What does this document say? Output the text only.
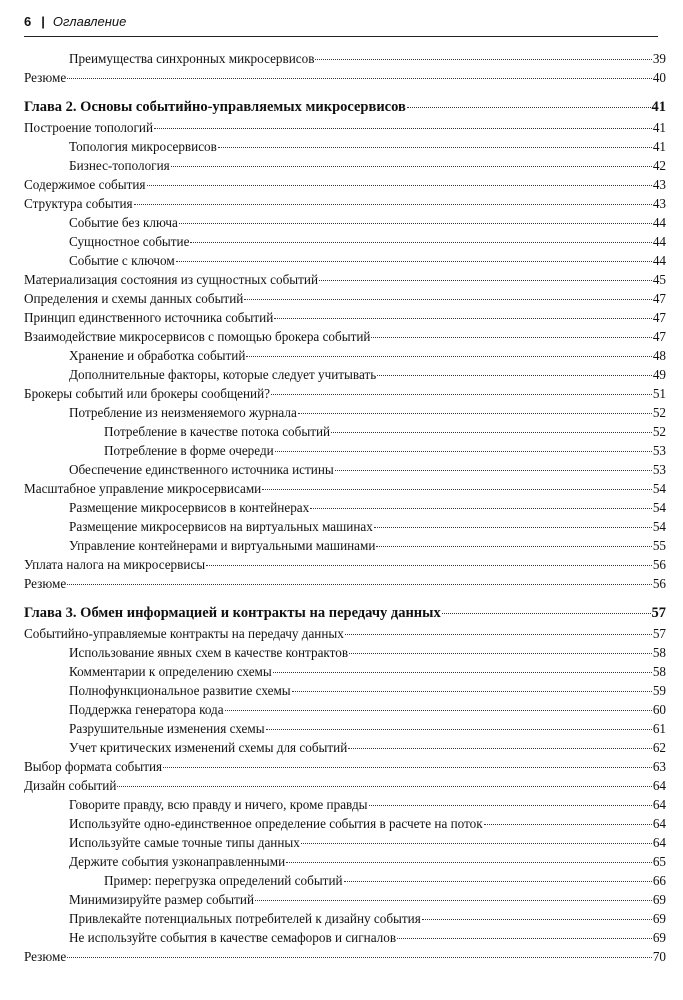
6 | Оглавление
Преимущества синхронных микросервисов	39
Резюме	40
Глава 2. Основы событийно-управляемых микросервисов	41
Построение топологий	41
Топология микросервисов	41
Бизнес-топология	42
Содержимое события	43
Структура события	43
Событие без ключа	44
Сущностное событие	44
Событие с ключом	44
Материализация состояния из сущностных событий	45
Определения и схемы данных событий	47
Принцип единственного источника событий	47
Взаимодействие микросервисов с помощью брокера событий	47
Хранение и обработка событий	48
Дополнительные факторы, которые следует учитывать	49
Брокеры событий или брокеры сообщений?	51
Потребление из неизменяемого журнала	52
Потребление в качестве потока событий	52
Потребление в форме очереди	53
Обеспечение единственного источника истины	53
Масштабное управление микросервисами	54
Размещение микросервисов в контейнерах	54
Размещение микросервисов на виртуальных машинах	54
Управление контейнерами и виртуальными машинами	55
Уплата налога на микросервисы	56
Резюме	56
Глава 3. Обмен информацией и контракты на передачу данных	57
Событийно-управляемые контракты на передачу данных	57
Использование явных схем в качестве контрактов	58
Комментарии к определению схемы	58
Полнофункциональное развитие схемы	59
Поддержка генератора кода	60
Разрушительные изменения схемы	61
Учет критических изменений схемы для событий	62
Выбор формата события	63
Дизайн событий	64
Говорите правду, всю правду и ничего, кроме правды	64
Используйте одно-единственное определение события в расчете на поток	64
Используйте самые точные типы данных	64
Держите события узконаправленными	65
Пример: перегрузка определений событий	66
Минимизируйте размер событий	69
Привлекайте потенциальных потребителей к дизайну события	69
Не используйте события в качестве семафоров и сигналов	69
Резюме	70
